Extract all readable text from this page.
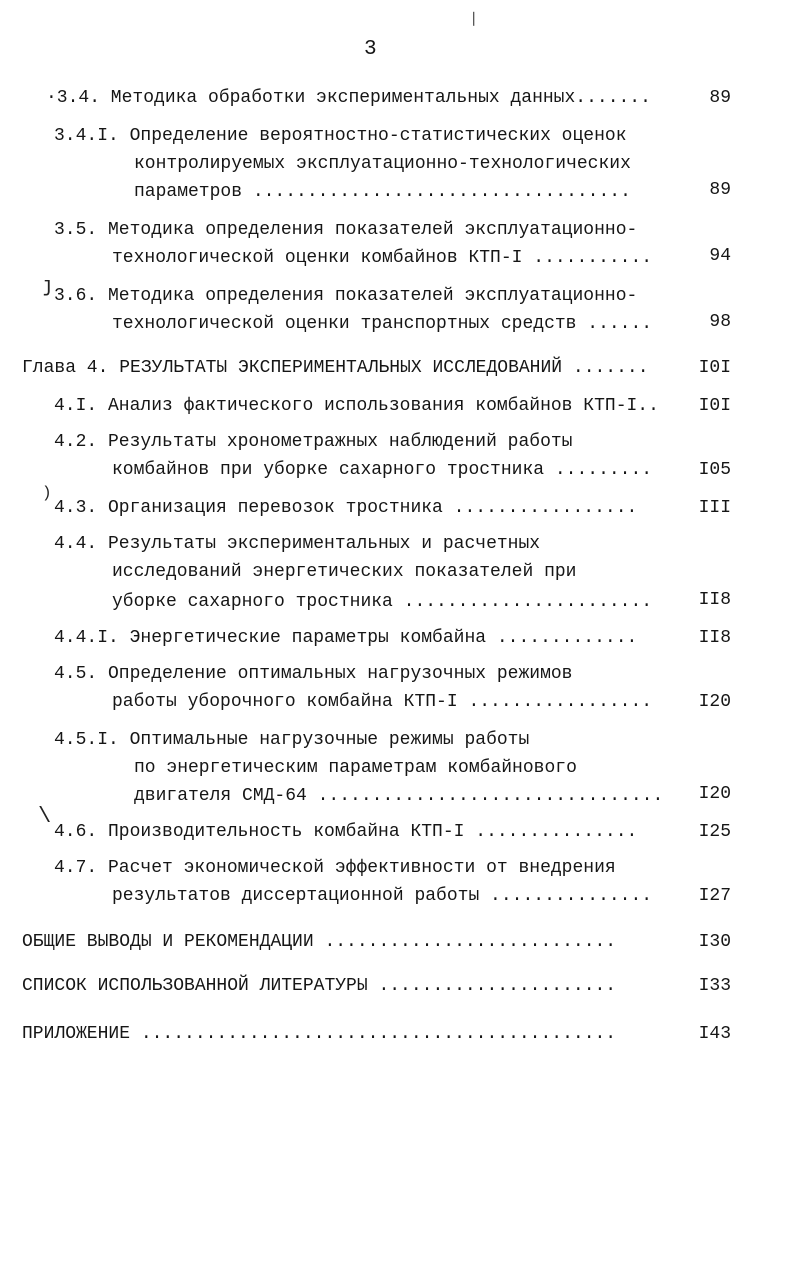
3
⎸
ȷ
)
\
·3.4. Методика обработки экспериментальных данных.......	89
3.4.I. Определение вероятностно-статистических оценок
контролируемых эксплуатационно-технологических
параметров ...................................	89
3.5. Методика определения показателей эксплуатационно-
технологической оценки комбайнов КТП-I ...........	94
3.6. Методика определения показателей эксплуатационно-
технологической оценки транспортных средств ......	98
Глава 4. РЕЗУЛЬТАТЫ ЭКСПЕРИМЕНТАЛЬНЫХ ИССЛЕДОВАНИЙ .......	I0I
4.I. Анализ фактического использования комбайнов КТП-I.. I0I
4.2. Результаты хронометражных наблюдений работы
комбайнов при уборке сахарного тростника .........	I05
4.3. Организация перевозок тростника .................	III
4.4. Результаты экспериментальных и расчетных
исследований энергетических показателей при
уборке сахарного тростника .......................	II8
4.4.I. Энергетические параметры комбайна .............	II8
4.5. Определение оптимальных нагрузочных режимов
работы уборочного комбайна КТП-I .................	I20
4.5.I. Оптимальные нагрузочные режимы работы
по энергетическим параметрам комбайнового
двигателя СМД-64 ................................ I20
4.6. Производительность комбайна КТП-I ...............	I25
4.7. Расчет экономической эффективности от внедрения
результатов диссертационной работы ...............	I27
ОБЩИЕ ВЫВОДЫ И РЕКОМЕНДАЦИИ ...........................	I30
СПИСОК ИСПОЛЬЗОВАННОЙ ЛИТЕРАТУРЫ ......................	I33
ПРИЛОЖЕНИЕ ............................................	I43
